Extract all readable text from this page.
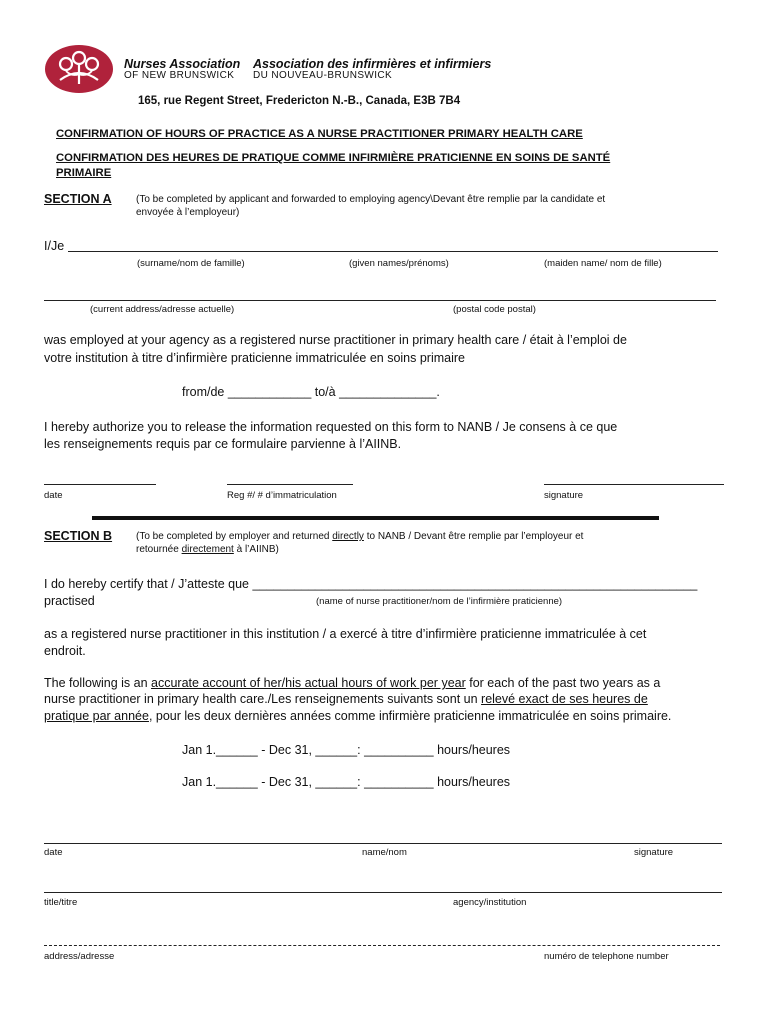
Nurses Association
OF NEW BRUNSWICK
Association des infirmières et infirmiers
DU NOUVEAU-BRUNSWICK
165, rue Regent Street, Fredericton N.-B., Canada, E3B 7B4
CONFIRMATION OF HOURS OF PRACTICE AS A NURSE PRACTITIONER PRIMARY HEALTH CARE
CONFIRMATION DES HEURES DE PRATIQUE COMME INFIRMIÈRE PRATICIENNE EN SOINS DE SANTÉ
PRIMAIRE
SECTION A (To be completed by applicant and forwarded to employing agency\Devant être remplie par la candidate et
envoyée à l’employeur)
I/Je
(surname/nom de famille)	(given names/prénoms)	(maiden name/ nom de fille)
(current address/adresse actuelle)	(postal code postal)
was employed at your agency as a registered nurse practitioner in primary health care / était à l’emploi de
votre institution à titre d’infirmière praticienne immatriculée en soins primaire
from/de ____________ to/à ______________.
I hereby authorize you to release the information requested on this form to NANB / Je consens à ce que
les renseignements requis par ce formulaire parvienne à l’AIINB.
date	Reg #/ # d’immatriculation	signature
SECTION B (To be completed by employer and returned directly to NANB / Devant être remplie par l’employeur et
retournée directement à l’AIINB)
I do hereby certify that / J’atteste que ________________________________________________________________
practised	(name of nurse practitioner/nom de l’infirmière praticienne)
as a registered nurse practitioner in this institution / a exercé à titre d’infirmière praticienne immatriculée à cet
endroit.
The following is an accurate account of her/his actual hours of work per year for each of the past two years as a
nurse practitioner in primary health care./Les renseignements suivants sont un relevé exact de ses heures de
pratique par année, pour les deux dernières années comme infirmière praticienne immatriculée en soins primaire.
Jan 1.______ - Dec 31, ______: __________ hours/heures
Jan 1.______ - Dec 31, ______: __________ hours/heures
date	name/nom	signature
title/titre	agency/institution
address/adresse	numéro de telephone number
